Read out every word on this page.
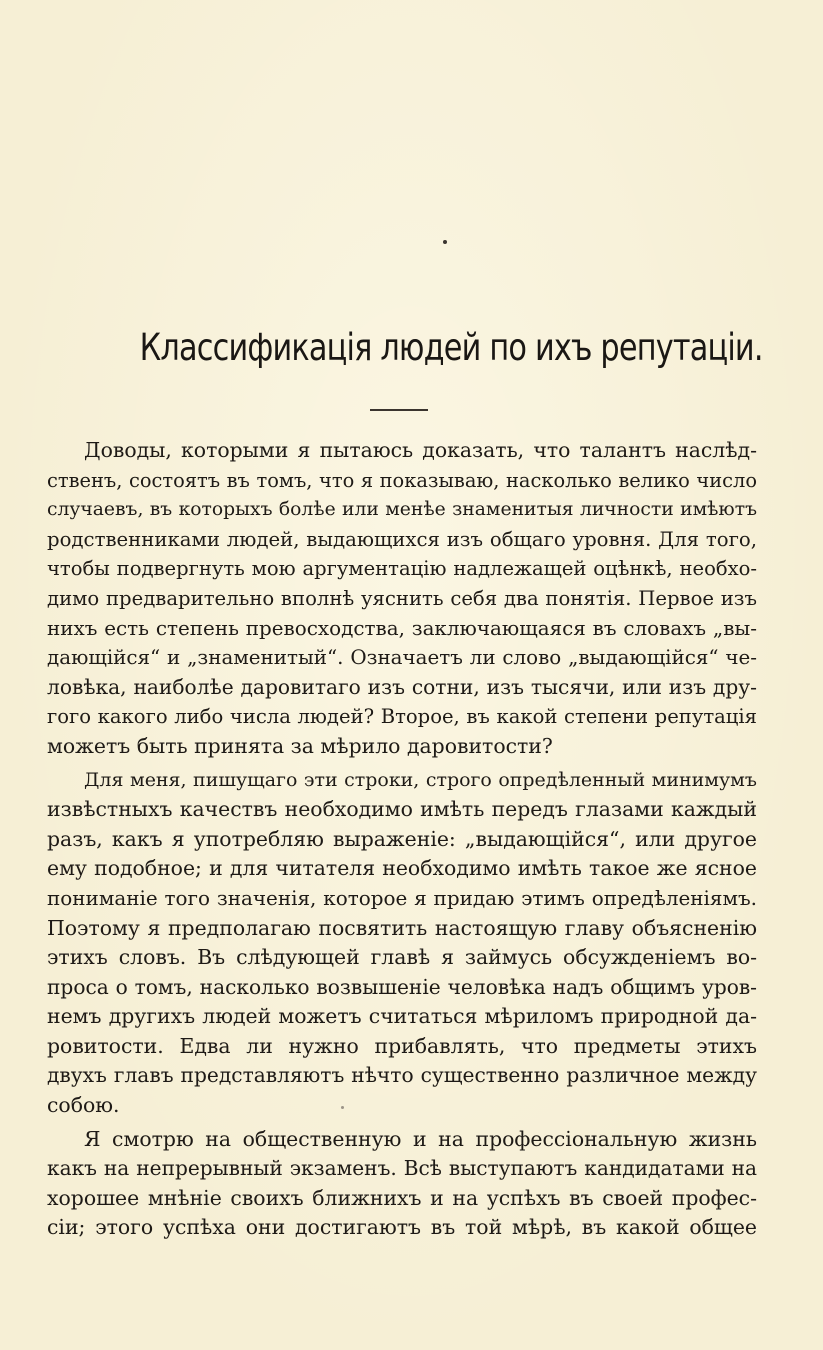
Классификація людей по ихъ репутаціи.
Доводы, которыми я пытаюсь доказать, что талантъ наслѣд-
ственъ, состоятъ въ томъ, что я показываю, насколько велико число
случаевъ, въ которыхъ болѣе или менѣе знаменитыя личности имѣютъ
родственниками людей, выдающихся изъ общаго уровня. Для того,
чтобы подвергнуть мою аргументацію надлежащей оцѣнкѣ, необхо-
димо предварительно вполнѣ уяснить себя два понятія. Первое изъ
нихъ есть степень превосходства, заключающаяся въ словахъ „вы-
дающійся“ и „знаменитый“. Означаетъ ли слово „выдающійся“ че-
ловѣка, наиболѣе даровитаго изъ сотни, изъ тысячи, или изъ дру-
гого какого либо числа людей? Второе, въ какой степени репутація
можетъ быть принята за мѣрило даровитости?
Для меня, пишущаго эти строки, строго опредѣленный минимумъ
извѣстныхъ качествъ необходимо имѣть передъ глазами каждый
разъ, какъ я употребляю выраженіе: „выдающійся“, или другое
ему подобное; и для читателя необходимо имѣть такое же ясное
пониманіе того значенія, которое я придаю этимъ опредѣленіямъ.
Поэтому я предполагаю посвятить настоящую главу объясненію
этихъ словъ. Въ слѣдующей главѣ я займусь обсужденіемъ во-
проса о томъ, насколько возвышеніе человѣка надъ общимъ уров-
немъ другихъ людей можетъ считаться мѣриломъ природной да-
ровитости. Едва ли нужно прибавлять, что предметы этихъ
двухъ главъ представляютъ нѣчто существенно различное между
собою.
Я смотрю на общественную и на профессіональную жизнь
какъ на непрерывный экзаменъ. Всѣ выступаютъ кандидатами на
хорошее мнѣніе своихъ ближнихъ и на успѣхъ въ своей профес-
сіи; этого успѣха они достигаютъ въ той мѣрѣ, въ какой общее
